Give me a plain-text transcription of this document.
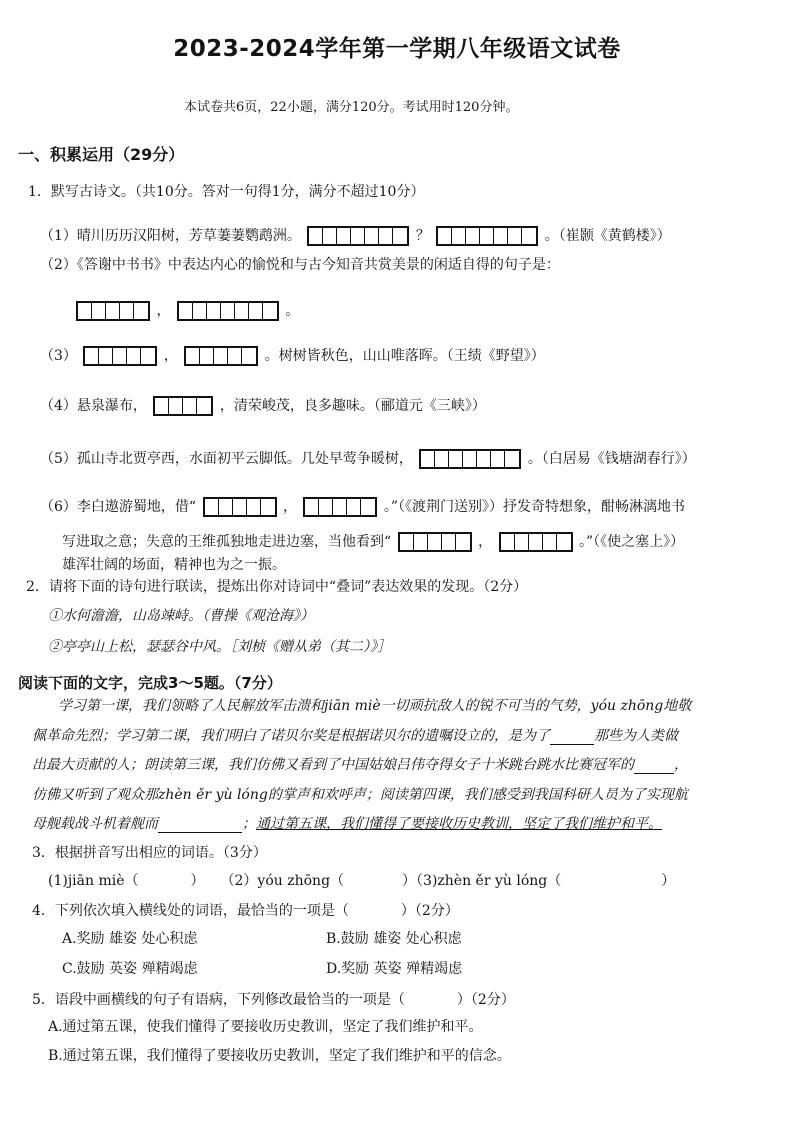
2023-2024学年第一学期八年级语文试卷
本试卷共6页，22小题，满分120分。考试用时120分钟。
一、积累运用（29分）
1．默写古诗文。（共10分。答对一句得1分，满分不超过10分）
（1）晴川历历汉阳树，芳草萋萋鹦鹉洲。	？	。（崔颢《黄鹤楼》）
（2）《答谢中书书》中表达内心的愉悦和与古今知音共赏美景的闲适自得的句子是：
，	。
（3）	，	。树树皆秋色，山山唯落晖。（王绩《野望》）
（4）悬泉瀑布，	，清荣峻茂，良多趣味。（郦道元《三峡》）
（5）孤山寺北贾亭西，水面初平云脚低。几处早莺争暖树，	。（白居易《钱塘湖春行》）
（6）李白遨游蜀地，借“	，	。”（《渡荆门送别》）抒发奇特想象，酣畅淋漓地书
写进取之意；失意的王维孤独地走进边塞，当他看到“	，	。”（《使之塞上》）
雄浑壮阔的场面，精神也为之一振。
2．请将下面的诗句进行联读，提炼出你对诗词中“叠词”表达效果的发现。（2分）
①水何澹澹，山岛竦峙。（曹操《观沧海》）
②亭亭山上松，瑟瑟谷中风。［刘桢《赠从弟（其二）》］
阅读下面的文字，完成3～5题。（7分）
学习第一课，我们领略了人民解放军击溃和jiān miè一切顽抗敌人的锐不可当的气势，yóu zhōng地敬
佩革命先烈；学习第二课，我们明白了诺贝尔奖是根据诺贝尔的遗嘱设立的，是为了	那些为人类做
出最大贡献的人；朗读第三课，我们仿佛又看到了中国姑娘吕伟夺得女子十米跳台跳水比赛冠军的	，
仿佛又听到了观众那zhèn ěr yù lóng的掌声和欢呼声；阅读第四课，我们感受到我国科研人员为了实现航
母舰载战斗机着舰而	；通过第五课，我们懂得了要接收历史教训，坚定了我们维护和平。
3．根据拼音写出相应的词语。（3分）
(1)jiān miè（	） （2）yóu zhōng（	）（3)zhèn ěr yù lóng（	）
4．下列依次填入横线处的词语，最恰当的一项是（	）（2分）
A.奖励 雄姿 处心积虑	B.鼓励 雄姿 处心积虑
C.鼓励 英姿 殚精竭虑	D.奖励 英姿 殚精竭虑
5．语段中画横线的句子有语病，下列修改最恰当的一项是（	）（2分）
A.通过第五课，使我们懂得了要接收历史教训，坚定了我们维护和平。
B.通过第五课，我们懂得了要接收历史教训，坚定了我们维护和平的信念。
